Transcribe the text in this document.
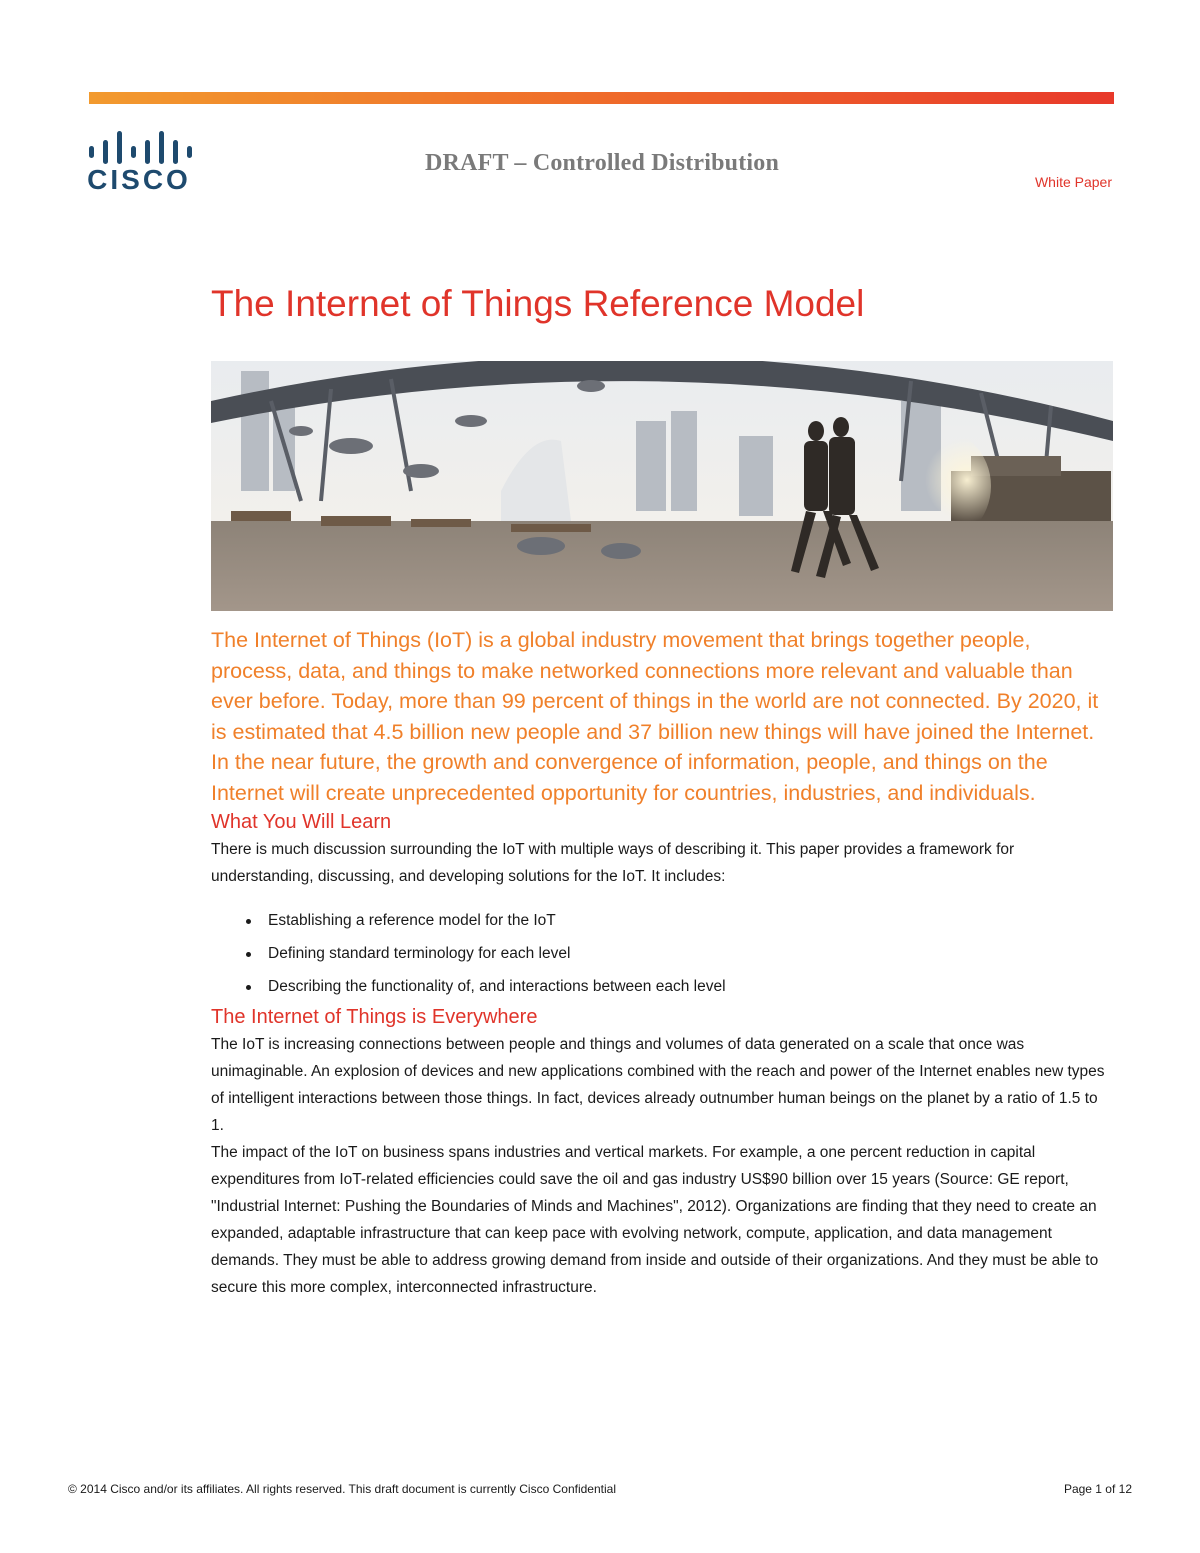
CISCO
DRAFT – Controlled Distribution
White Paper
The Internet of Things Reference Model

The Internet of Things (IoT) is a global industry movement that brings together people, process, data, and things to make networked connections more relevant and valuable than ever before. Today, more than 99 percent of things in the world are not connected. By 2020, it is estimated that 4.5 billion new people and 37 billion new things will have joined the Internet. In the near future, the growth and convergence of information, people, and things on the Internet will create unprecedented opportunity for countries, industries, and individuals.

What You Will Learn

There is much discussion surrounding the IoT with multiple ways of describing it. This paper provides a framework for understanding, discussing, and developing solutions for the IoT. It includes:

Establishing a reference model for the IoT
Defining standard terminology for each level
Describing the functionality of, and interactions between each level
The Internet of Things is Everywhere

The IoT is increasing connections between people and things and volumes of data generated on a scale that once was unimaginable. An explosion of devices and new applications combined with the reach and power of the Internet enables new types of intelligent interactions between those things. In fact, devices already outnumber human beings on the planet by a ratio of 1.5 to 1.

The impact of the IoT on business spans industries and vertical markets. For example, a one percent reduction in capital expenditures from IoT-related efficiencies could save the oil and gas industry US$90 billion over 15 years (Source: GE report, "Industrial Internet: Pushing the Boundaries of Minds and Machines", 2012). Organizations are finding that they need to create an expanded, adaptable infrastructure that can keep pace with evolving network, compute, application, and data management demands. They must be able to address growing demand from inside and outside of their organizations. And they must be able to secure this more complex, interconnected infrastructure.

© 2014 Cisco and/or its affiliates. All rights reserved. This draft document is currently Cisco Confidential	Page 1 of 12
